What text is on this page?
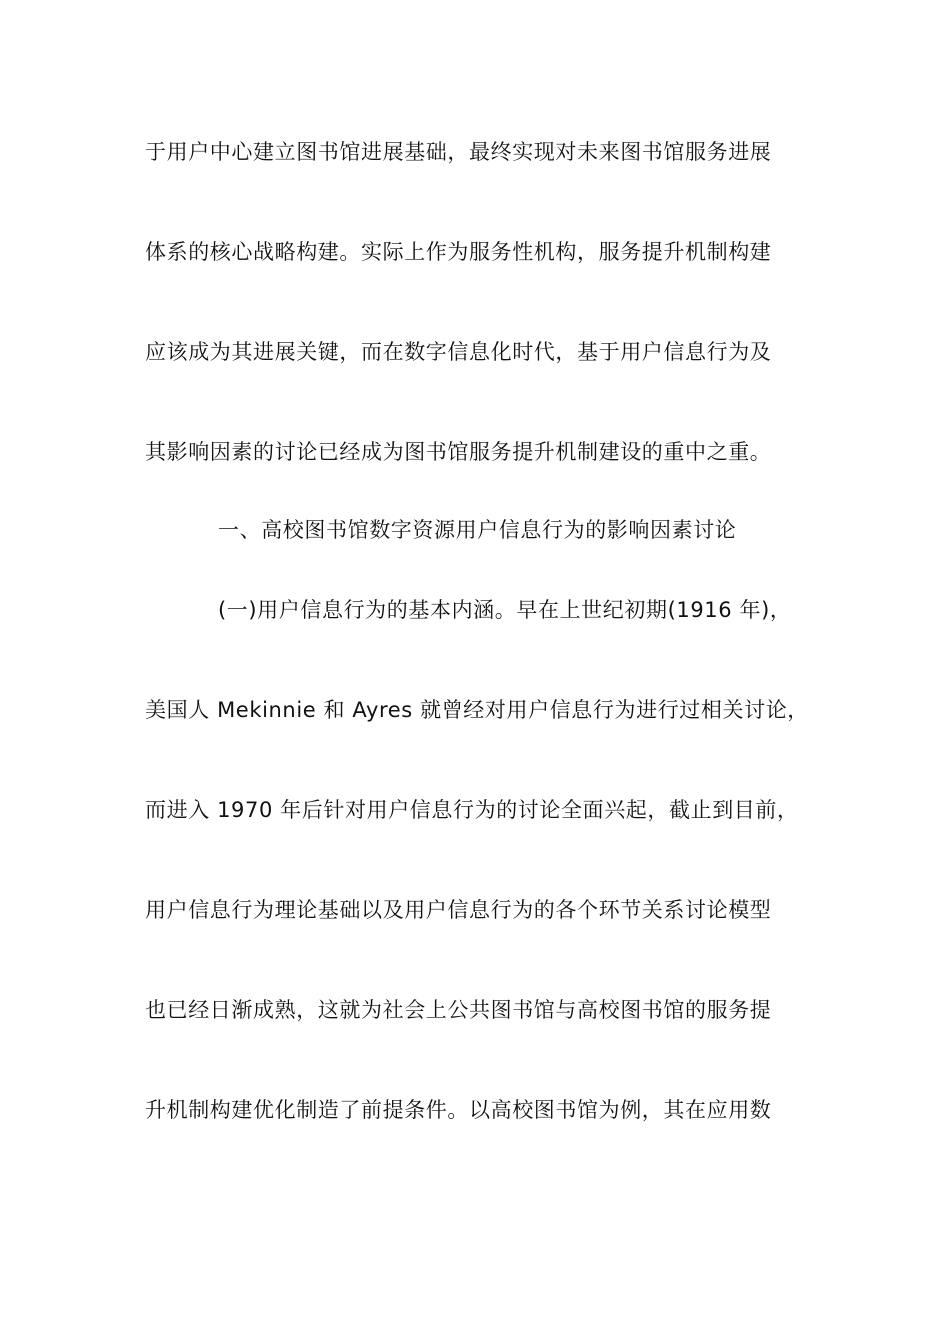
于用户中心建立图书馆进展基础，最终实现对未来图书馆服务进展
体系的核心战略构建。实际上作为服务性机构，服务提升机制构建
应该成为其进展关键，而在数字信息化时代，基于用户信息行为及
其影响因素的讨论已经成为图书馆服务提升机制建设的重中之重。
一、高校图书馆数字资源用户信息行为的影响因素讨论
(一)用户信息行为的基本内涵。早在上世纪初期(1916 年)，
美国人 Mekinnie 和 Ayres 就曾经对用户信息行为进行过相关讨论，
而进入 1970 年后针对用户信息行为的讨论全面兴起，截止到目前，
用户信息行为理论基础以及用户信息行为的各个环节关系讨论模型
也已经日渐成熟，这就为社会上公共图书馆与高校图书馆的服务提
升机制构建优化制造了前提条件。以高校图书馆为例，其在应用数
